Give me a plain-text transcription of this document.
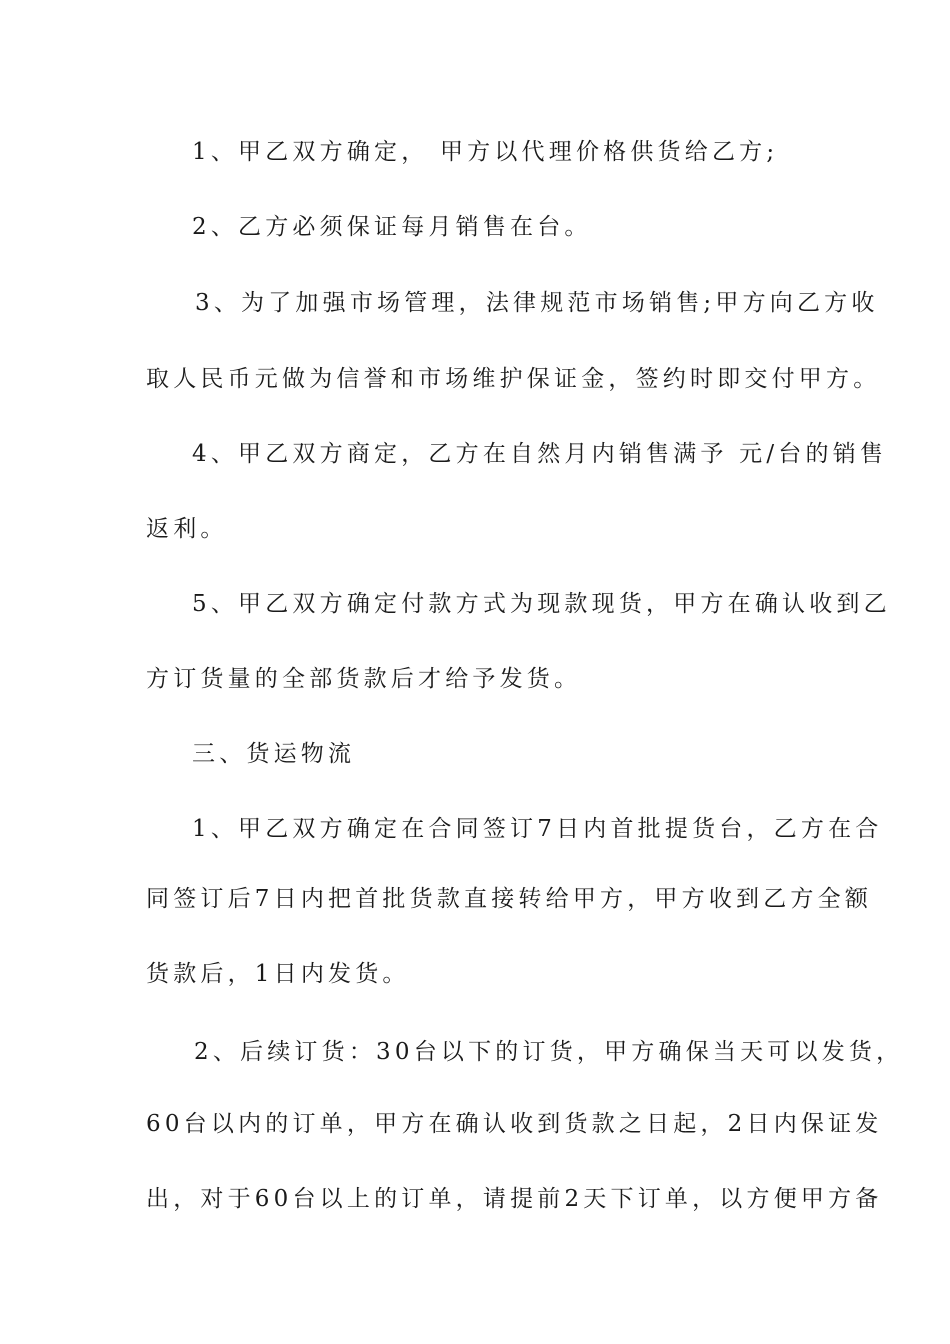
1、甲乙双方确定， 甲方以代理价格供货给乙方;

2、乙方必须保证每月销售在台。

3、为了加强市场管理，法律规范市场销售;甲方向乙方收

取人民币元做为信誉和市场维护保证金，签约时即交付甲方。

4、甲乙双方商定，乙方在自然月内销售满予 元/台的销售

返利。

5、甲乙双方确定付款方式为现款现货，甲方在确认收到乙

方订货量的全部货款后才给予发货。

三、货运物流

1、甲乙双方确定在合同签订7日内首批提货台，乙方在合

同签订后7日内把首批货款直接转给甲方，甲方收到乙方全额

货款后，1日内发货。

2、后续订货：30台以下的订货，甲方确保当天可以发货，

60台以内的订单，甲方在确认收到货款之日起，2日内保证发

出，对于60台以上的订单，请提前2天下订单，以方便甲方备
